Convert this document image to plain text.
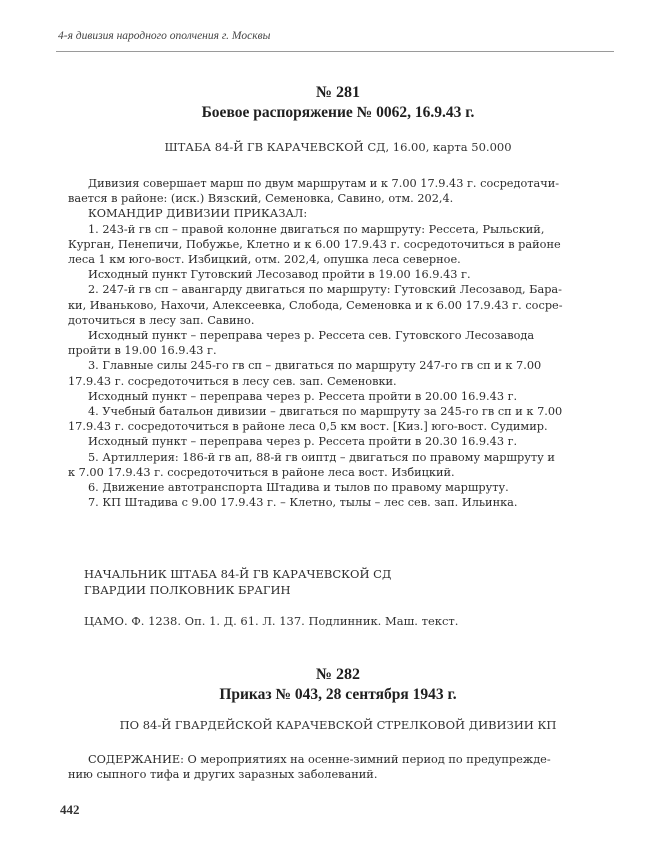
4-я дивизия народного ополчения г. Москвы
№ 281
Боевое распоряжение № 0062, 16.9.43 г.
ШТАБА 84-Й ГВ КАРАЧЕВСКОЙ СД, 16.00, карта 50.000
Дивизия совершает марш по двум маршрутам и к 7.00 17.9.43 г. сосредотачи-
вается в районе: (иск.) Вязский, Семеновка, Савино, отм. 202,4.
КОМАНДИР ДИВИЗИИ ПРИКАЗАЛ:
1. 243-й гв сп – правой колонне двигаться по маршруту: Рессета, Рыльский,
Курган, Пенепичи, Побужье, Клетно и к 6.00 17.9.43 г. сосредоточиться в районе
леса 1 км юго-вост. Избицкий, отм. 202,4, опушка леса северное.
Исходный пункт Гутовский Лесозавод пройти в 19.00 16.9.43 г.
2. 247-й гв сп – авангарду двигаться по маршруту: Гутовский Лесозавод, Бара-
ки, Иваньково, Нахочи, Алексеевка, Слобода, Семеновка и к 6.00 17.9.43 г. сосре-
доточиться в лесу зап. Савино.
Исходный пункт – переправа через р. Рессета сев. Гутовского Лесозавода
пройти в 19.00 16.9.43 г.
3. Главные силы 245-го гв сп – двигаться по маршруту 247-го гв сп и к 7.00
17.9.43 г. сосредоточиться в лесу сев. зап. Семеновки.
Исходный пункт – переправа через р. Рессета пройти в 20.00 16.9.43 г.
4. Учебный батальон дивизии – двигаться по маршруту за 245-го гв сп и к 7.00
17.9.43 г. сосредоточиться в районе леса 0,5 км вост. [Киз.] юго-вост. Судимир.
Исходный пункт – переправа через р. Рессета пройти в 20.30 16.9.43 г.
5. Артиллерия: 186-й гв ап, 88-й гв оиптд – двигаться по правому маршруту и
к 7.00 17.9.43 г. сосредоточиться в районе леса вост. Избицкий.
6. Движение автотранспорта Штадива и тылов по правому маршруту.
7. КП Штадива с 9.00 17.9.43 г. – Клетно, тылы – лес сев. зап. Ильинка.
НАЧАЛЬНИК ШТАБА 84-Й ГВ КАРАЧЕВСКОЙ СД
ГВАРДИИ ПОЛКОВНИК БРАГИН
ЦАМО. Ф. 1238. Оп. 1. Д. 61. Л. 137. Подлинник. Маш. текст.
№ 282
Приказ № 043, 28 сентября 1943 г.
ПО 84-Й ГВАРДЕЙСКОЙ КАРАЧЕВСКОЙ СТРЕЛКОВОЙ ДИВИЗИИ КП
СОДЕРЖАНИЕ: О мероприятиях на осенне-зимний период по предупрежде-
нию сыпного тифа и других заразных заболеваний.
442
